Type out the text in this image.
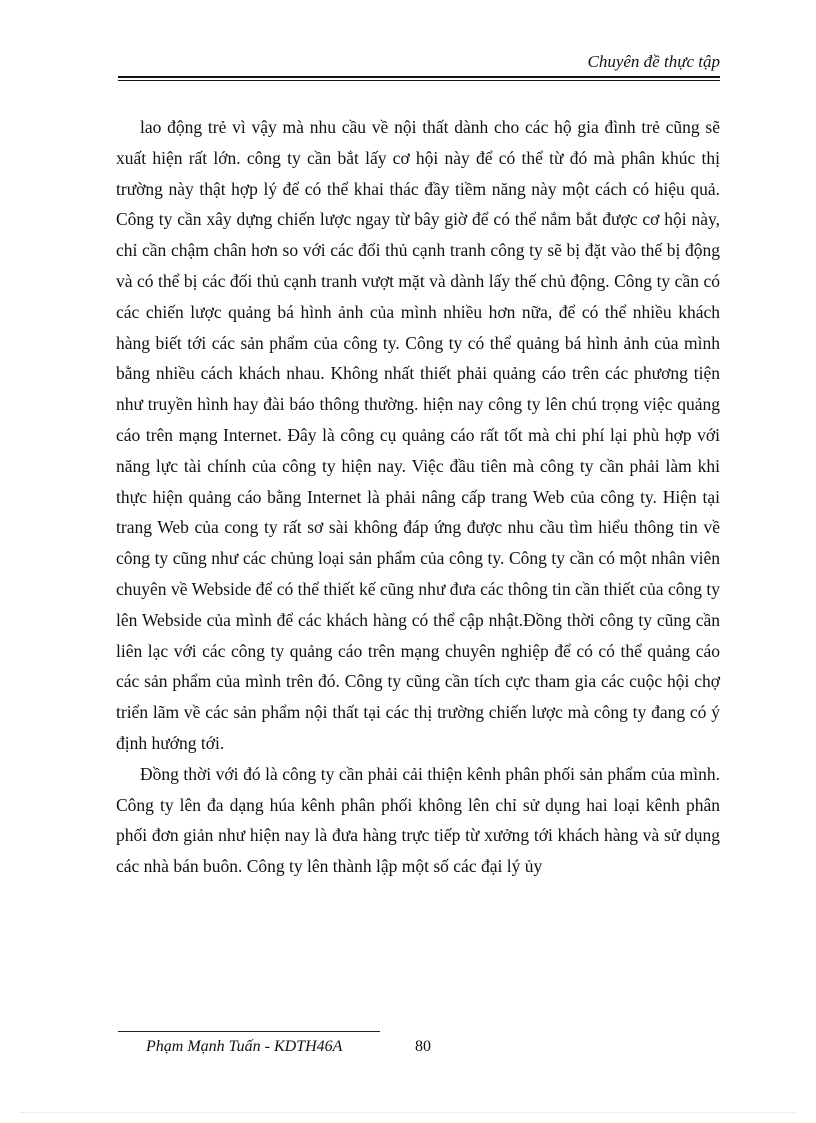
Chuyên đề thực tập

lao động trẻ vì vậy mà nhu cầu về nội thất dành cho các hộ gia đình trẻ cũng sẽ xuất hiện rất lớn. công ty cần bắt lấy cơ hội này để có thể từ đó mà phân khúc thị trường này thật hợp lý để có thể khai thác đầy tiềm năng này một cách có hiệu quả. Công ty cần xây dựng chiến lược ngay từ bây giờ để có thể nắm bắt được cơ hội này, chỉ cần chậm chân hơn so với các đối thủ cạnh tranh công ty sẽ bị đặt vào thế bị động và có thể bị các đối thủ cạnh tranh vượt mặt và dành lấy thế chủ động. Công ty cần có các chiến lược quảng bá hình ảnh của mình nhiều hơn nữa, để có thể nhiều khách hàng biết tới các sản phẩm của công ty. Công ty có thể quảng bá hình ảnh của mình bằng nhiều cách khách nhau. Không nhất thiết phải quảng cáo trên các phương tiện như truyền hình hay đài báo thông thường. hiện nay công ty lên chú trọng việc quảng cáo trên mạng Internet. Đây là công cụ quảng cáo rất tốt mà chi phí lại phù hợp với năng lực tài chính của công ty hiện nay. Việc đầu tiên mà công ty cần phải làm khi thực hiện quảng cáo bằng Internet là phải nâng cấp trang Web của công ty. Hiện tại trang Web của cong ty rất sơ sài không đáp ứng được nhu cầu tìm hiểu thông tin về công ty cũng như các chủng loại sản phẩm của công ty. Công ty cần có một nhân viên chuyên về Webside để có thể thiết kế cũng như đưa các thông tin cần thiết của công ty lên Webside của mình để các khách hàng có thể cập nhật.Đồng thời công ty cũng cần liên lạc với các công ty quảng cáo trên mạng chuyên nghiệp để có có thể quảng cáo các sản phẩm của mình trên đó. Công ty cũng cần tích cực tham gia các cuộc hội chợ triển lãm về các sản phẩm nội thất tại các thị trường chiến lược mà công ty đang có ý định hướng tới.

Đồng thời với đó là công ty cần phải cải thiện kênh phân phối sản phẩm của mình. Công ty lên đa dạng húa kênh phân phối không lên chỉ sử dụng hai loại kênh phân phối đơn giản như hiện nay là đưa hàng trực tiếp từ xưởng tới khách hàng và sử dụng các nhà bán buôn. Công ty lên thành lập một số các đại lý ủy

Phạm Mạnh Tuấn - KDTH46A	80
